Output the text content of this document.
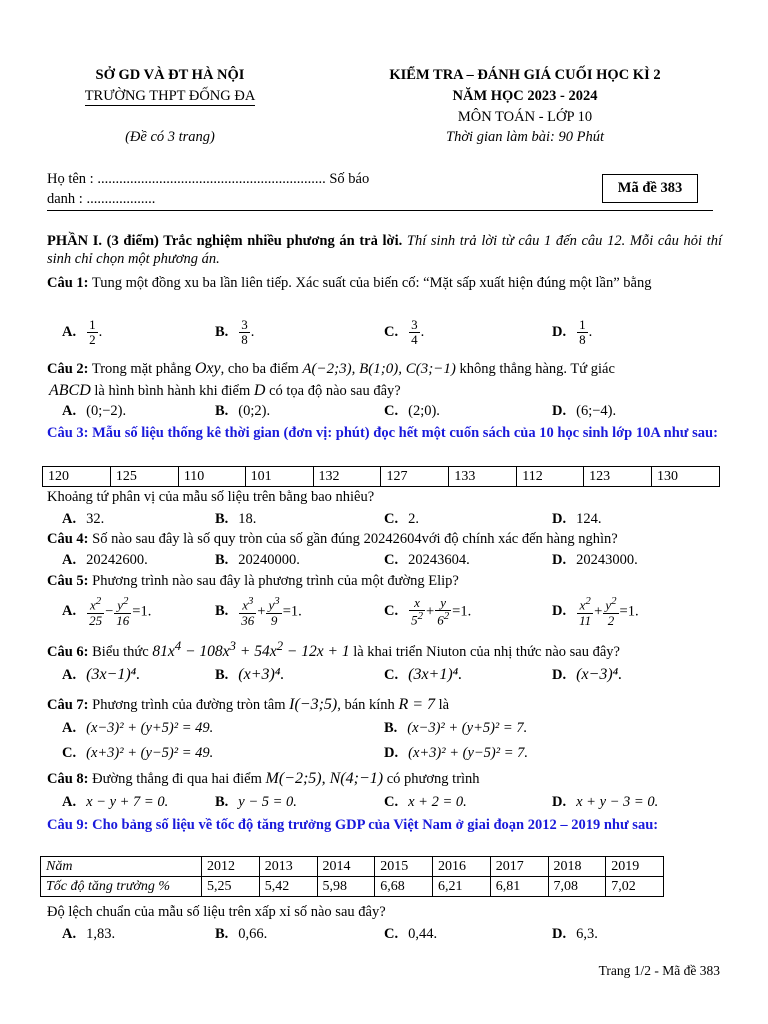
SỞ GD VÀ ĐT HÀ NỘI
TRƯỜNG THPT ĐỐNG ĐA
(Đề có 3 trang)
KIỂM TRA – ĐÁNH GIÁ CUỐI HỌC KÌ 2
NĂM HỌC 2023 - 2024
MÔN TOÁN - LỚP 10
Thời gian làm bài: 90 Phút
Họ tên : ............................................................... Số báo
danh : ...................
Mã đề 383
PHẦN I. (3 điểm) Trắc nghiệm nhiều phương án trả lời. Thí sinh trả lời từ câu 1 đến câu 12. Mỗi câu hỏi thí sinh chỉ chọn một phương án.
Câu 1: Tung một đồng xu ba lần liên tiếp. Xác suất của biến cố: “Mặt sấp xuất hiện đúng một lần” bằng
A. $\frac{1}{2}$ .	B. $\frac{3}{8}$ .	C. $\frac{3}{4}$ .	D. $\frac{1}{8}$ .
Câu 2: Trong mặt phẳng Oxy, cho ba điểm A(−2;3), B(1;0), C(3;−1) không thẳng hàng. Tứ giác
ABCD là hình bình hành khi điểm D có tọa độ nào sau đây?
A. (0;−2).	B. (0;2).	C. (2;0).	D. (6;−4).
Câu 3: Mẫu số liệu thống kê thời gian (đơn vị: phút) đọc hết một cuốn sách của 10 học sinh lớp 10A như sau:
120	125	110	101	132	127	133	112	123	130
Khoảng tứ phân vị của mẫu số liệu trên bằng bao nhiêu?
A. 32.	B. 18.	C. 2.	D. 124.
Câu 4: Số nào sau đây là số quy tròn của số gần đúng 20242604với độ chính xác đến hàng nghìn?
A. 20242600.	B. 20240000.	C. 20243604.	D. 20243000.
Câu 5: Phương trình nào sau đây là phương trình của một đường Elip?
A. $\frac{x^2}{25} - \frac{y^2}{16} =1$.	B. $\frac{x^3}{36} + \frac{y^3}{9} =1$.	C. $\frac{x}{5^2} + \frac{y}{6^2} =1$.	D. $\frac{x^2}{11} + \frac{y^2}{2} =1$.
Câu 6: Biểu thức $81x^4 - 108x^3 + 54x^2 - 12x + 1$ là khai triển Niuton của nhị thức nào sau đây?
A. (3x−1)⁴.	B. (x+3)⁴.	C. (3x+1)⁴.	D. (x−3)⁴.
Câu 7: Phương trình của đường tròn tâm I(−3;5), bán kính R = 7 là
A. (x−3)² + (y+5)² = 49.	B. (x−3)² + (y+5)² = 7.
C. (x+3)² + (y−5)² = 49.	D. (x+3)² + (y−5)² = 7.
Câu 8: Đường thẳng đi qua hai điểm M(−2;5), N(4;−1) có phương trình
A. x − y + 7 = 0.	B. y − 5 = 0.	C. x + 2 = 0.	D. x + y − 3 = 0.
Câu 9: Cho bảng số liệu về tốc độ tăng trưởng GDP của Việt Nam ở giai đoạn 2012 – 2019 như sau:
Năm	2012	2013	2014	2015	2016	2017	2018	2019
Tốc độ tăng trưởng %	5,25	5,42	5,98	6,68	6,21	6,81	7,08	7,02
Độ lệch chuẩn của mẫu số liệu trên xấp xỉ số nào sau đây?
A. 1,83.	B. 0,66.	C. 0,44.	D. 6,3.
Trang 1/2 - Mã đề 383
